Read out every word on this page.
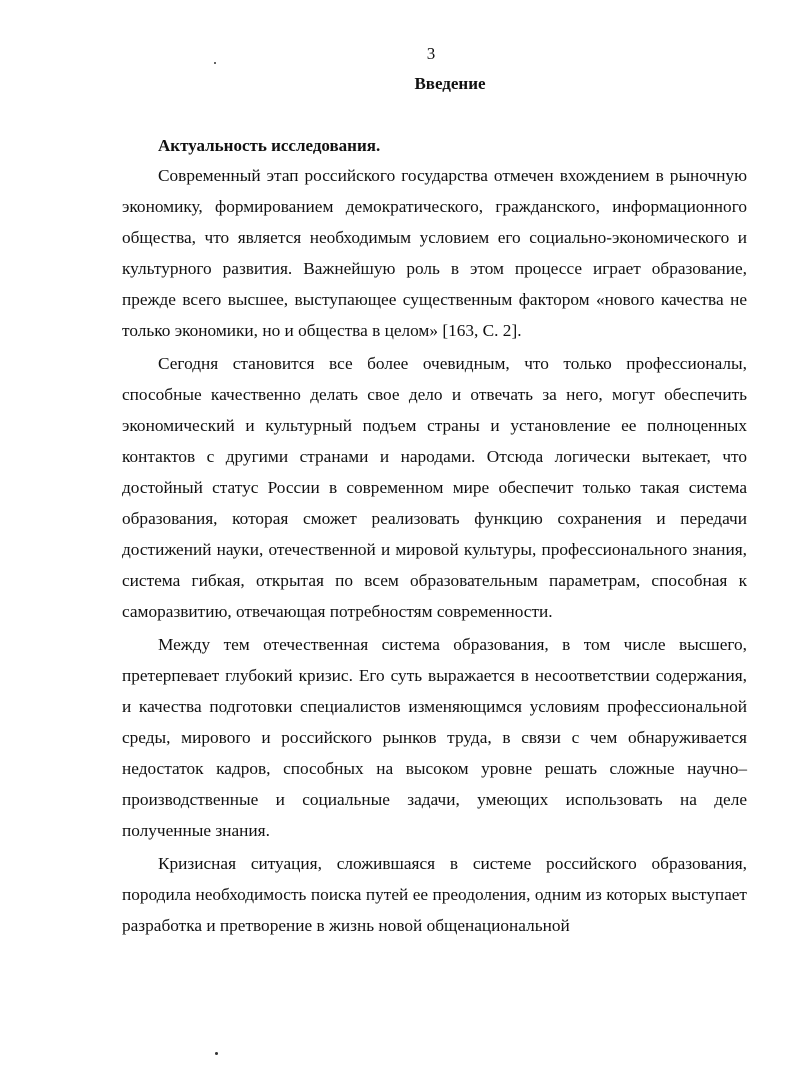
3
Введение
Актуальность исследования.

Современный этап российского государства отмечен вхождением в рыночную экономику, формированием демократического, гражданского, информационного общества, что является необходимым условием его социально-экономического и культурного развития. Важнейшую роль в этом процессе играет образование, прежде всего высшее, выступающее существенным фактором «нового качества не только экономики, но и общества в целом» [163, С. 2].

Сегодня становится все более очевидным, что только профессионалы, способные качественно делать свое дело и отвечать за него, могут обеспечить экономический и культурный подъем страны и установление ее полноценных контактов с другими странами и народами. Отсюда логически вытекает, что достойный статус России в современном мире обеспечит только такая система образования, которая сможет реализовать функцию сохранения и передачи достижений науки, отечественной и мировой культуры, профессионального знания, система гибкая, открытая по всем образовательным параметрам, способная к саморазвитию, отвечающая потребностям современности.

Между тем отечественная система образования, в том числе высшего, претерпевает глубокий кризис. Его суть выражается в несоответствии содержания, и качества подготовки специалистов изменяющимся условиям профессиональной среды, мирового и российского рынков труда, в связи с чем обнаруживается недостаток кадров, способных на высоком уровне решать сложные научно–производственные и социальные задачи, умеющих использовать на деле полученные знания.

Кризисная ситуация, сложившаяся в системе российского образования, породила необходимость поиска путей ее преодоления, одним из которых выступает разработка и претворение в жизнь новой общенациональной
